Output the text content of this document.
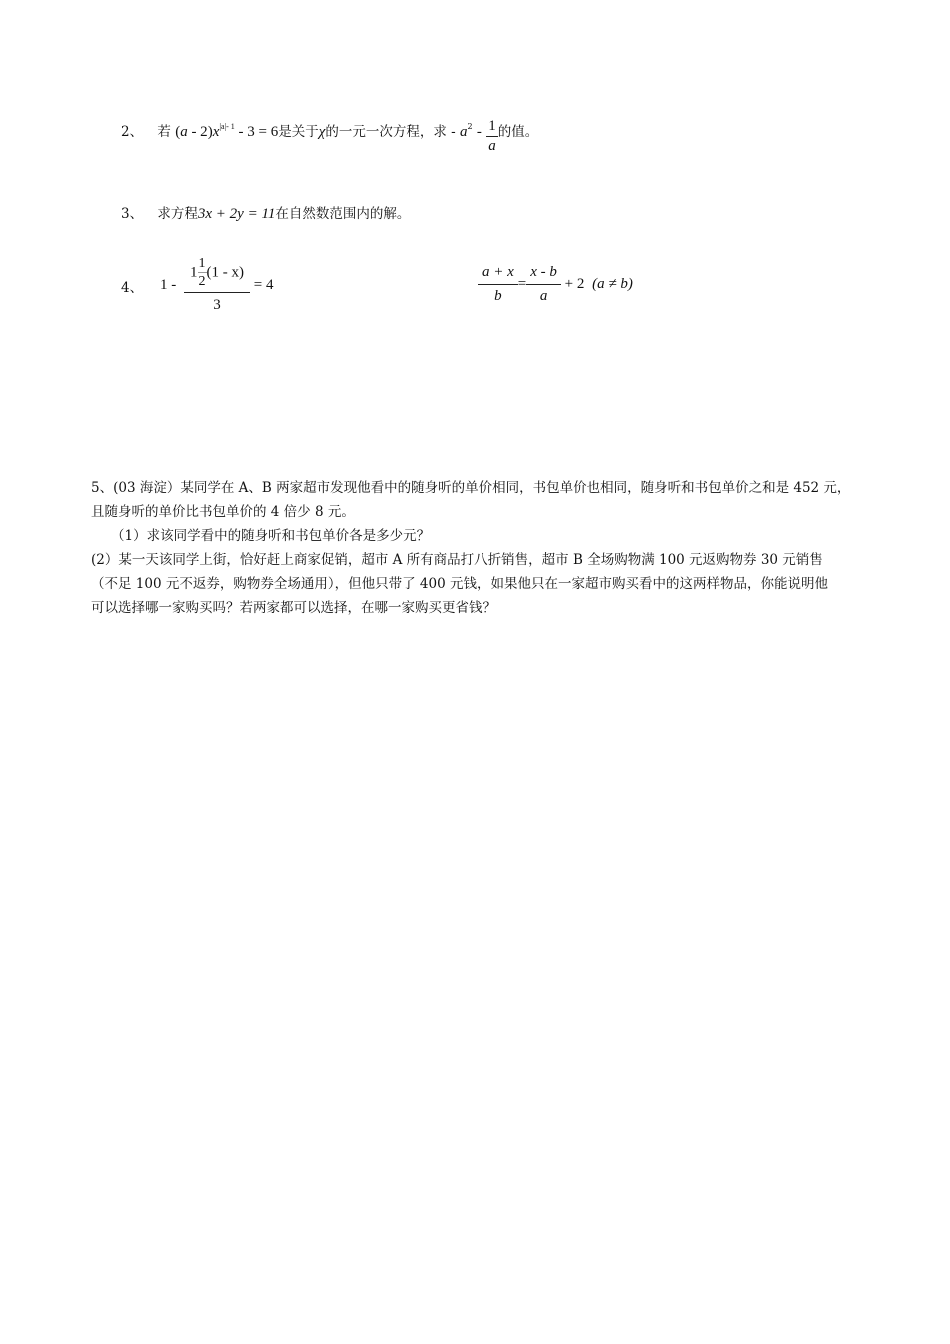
2、 若 $(a - 2)x^{|a|- 1} - 3 = 6$是关于χ的一元一次方程，求 - $a^2 - \frac{1}{a}$ 的值。
3、 求方程3x + 2y = 11在自然数范围内的解。
4、 $1 - \frac{1 \frac{1}{2} (1 - x)}{3} = 4$	$\frac{a + x}{b} = \frac{x - b}{a} + 2$ (a ≠ b)

5、(03 海淀）某同学在 A、B 两家超市发现他看中的随身听的单价相同，书包单价也相同，随身听和书包单价之和是 452 元，

且随身听的单价比书包单价的 4 倍少 8 元。

（1）求该同学看中的随身听和书包单价各是多少元？

(2）某一天该同学上街，恰好赶上商家促销，超市 A 所有商品打八折销售，超市 B 全场购物满 100 元返购物券 30 元销售

（不足 100 元不返券，购物券全场通用），但他只带了 400 元钱，如果他只在一家超市购买看中的这两样物品，你能说明他

可以选择哪一家购买吗？若两家都可以选择，在哪一家购买更省钱？
